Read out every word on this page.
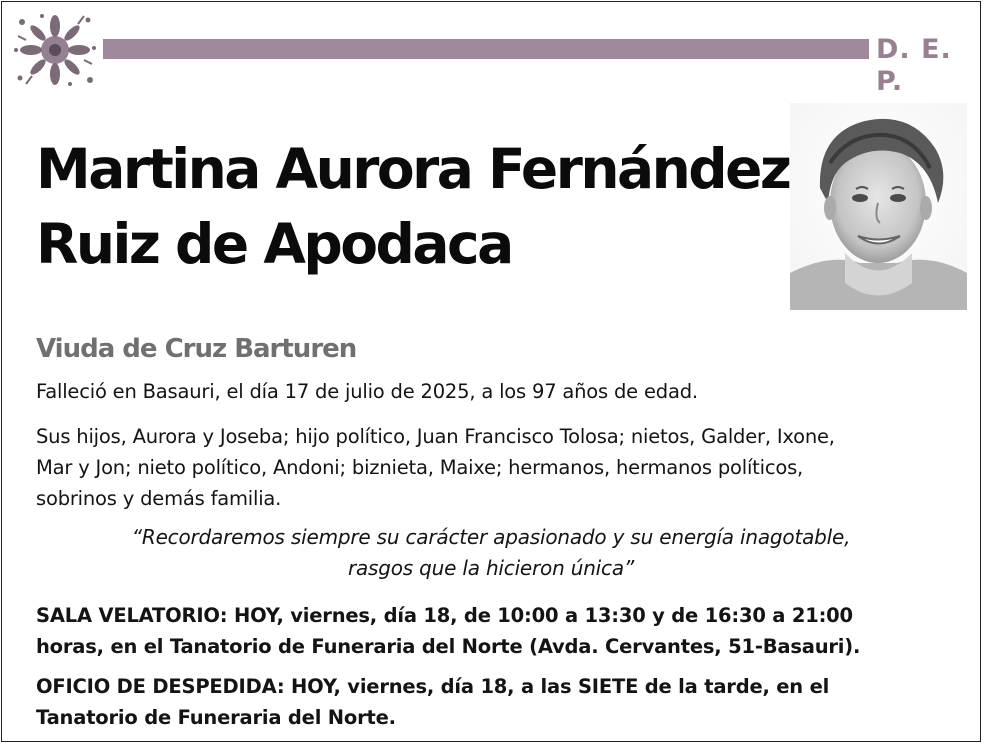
D. E. P.
Martina Aurora Fernández
Ruiz de Apodaca
Viuda de Cruz Barturen
Falleció en Basauri, el día 17 de julio de 2025, a los 97 años de edad.
Sus hijos, Aurora y Joseba; hijo político, Juan Francisco Tolosa; nietos, Galder, Ixone,
Mar y Jon; nieto político, Andoni; biznieta, Maixe; hermanos, hermanos políticos,
sobrinos y demás familia.
“Recordaremos siempre su carácter apasionado y su energía inagotable,
rasgos que la hicieron única”
SALA VELATORIO: HOY, viernes, día 18, de 10:00 a 13:30 y de 16:30 a 21:00
horas, en el Tanatorio de Funeraria del Norte (Avda. Cervantes, 51-Basauri).
OFICIO DE DESPEDIDA: HOY, viernes, día 18, a las SIETE de la tarde, en el
Tanatorio de Funeraria del Norte.
